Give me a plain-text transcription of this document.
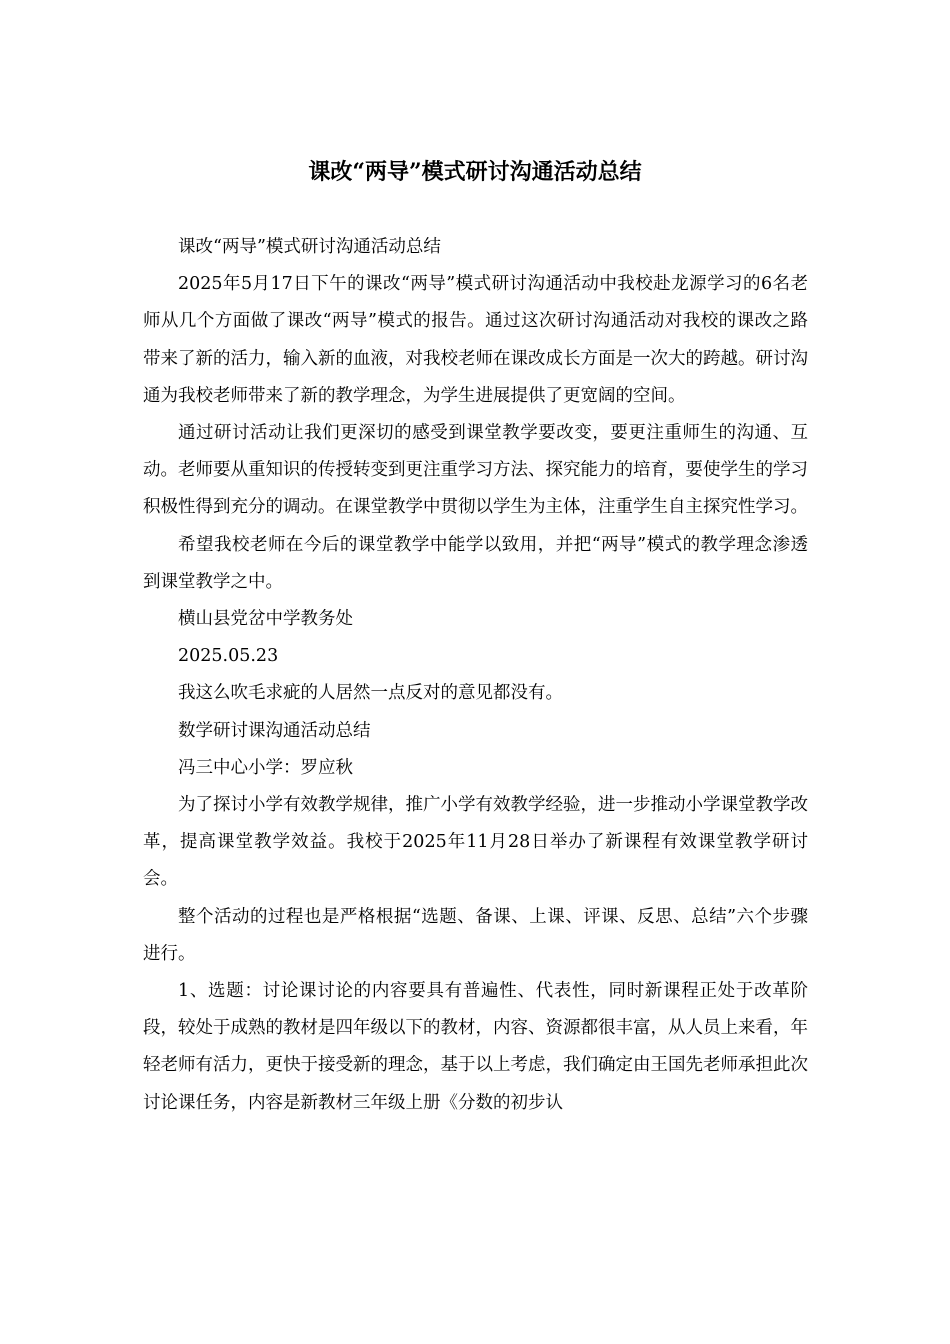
课改“两导”模式研讨沟通活动总结

课改“两导”模式研讨沟通活动总结

2025年5月17日下午的课改“两导”模式研讨沟通活动中我校赴龙源学习的6名老师从几个方面做了课改“两导”模式的报告。通过这次研讨沟通活动对我校的课改之路带来了新的活力，输入新的血液，对我校老师在课改成长方面是一次大的跨越。研讨沟通为我校老师带来了新的教学理念，为学生进展提供了更宽阔的空间。

通过研讨活动让我们更深切的感受到课堂教学要改变，要更注重师生的沟通、互动。老师要从重知识的传授转变到更注重学习方法、探究能力的培育，要使学生的学习积极性得到充分的调动。在课堂教学中贯彻以学生为主体，注重学生自主探究性学习。

希望我校老师在今后的课堂教学中能学以致用，并把“两导”模式的教学理念渗透到课堂教学之中。

横山县党岔中学教务处

2025.05.23

我这么吹毛求疵的人居然一点反对的意见都没有。

数学研讨课沟通活动总结

冯三中心小学：罗应秋

为了探讨小学有效教学规律，推广小学有效教学经验，进一步推动小学课堂教学改革，提高课堂教学效益。我校于2025年11月28日举办了新课程有效课堂教学研讨会。

整个活动的过程也是严格根据“选题、备课、上课、评课、反思、总结”六个步骤进行。

1、选题：讨论课讨论的内容要具有普遍性、代表性，同时新课程正处于改革阶段，较处于成熟的教材是四年级以下的教材，内容、资源都很丰富，从人员上来看，年轻老师有活力，更快于接受新的理念，基于以上考虑，我们确定由王国先老师承担此次讨论课任务，内容是新教材三年级上册《分数的初步认
